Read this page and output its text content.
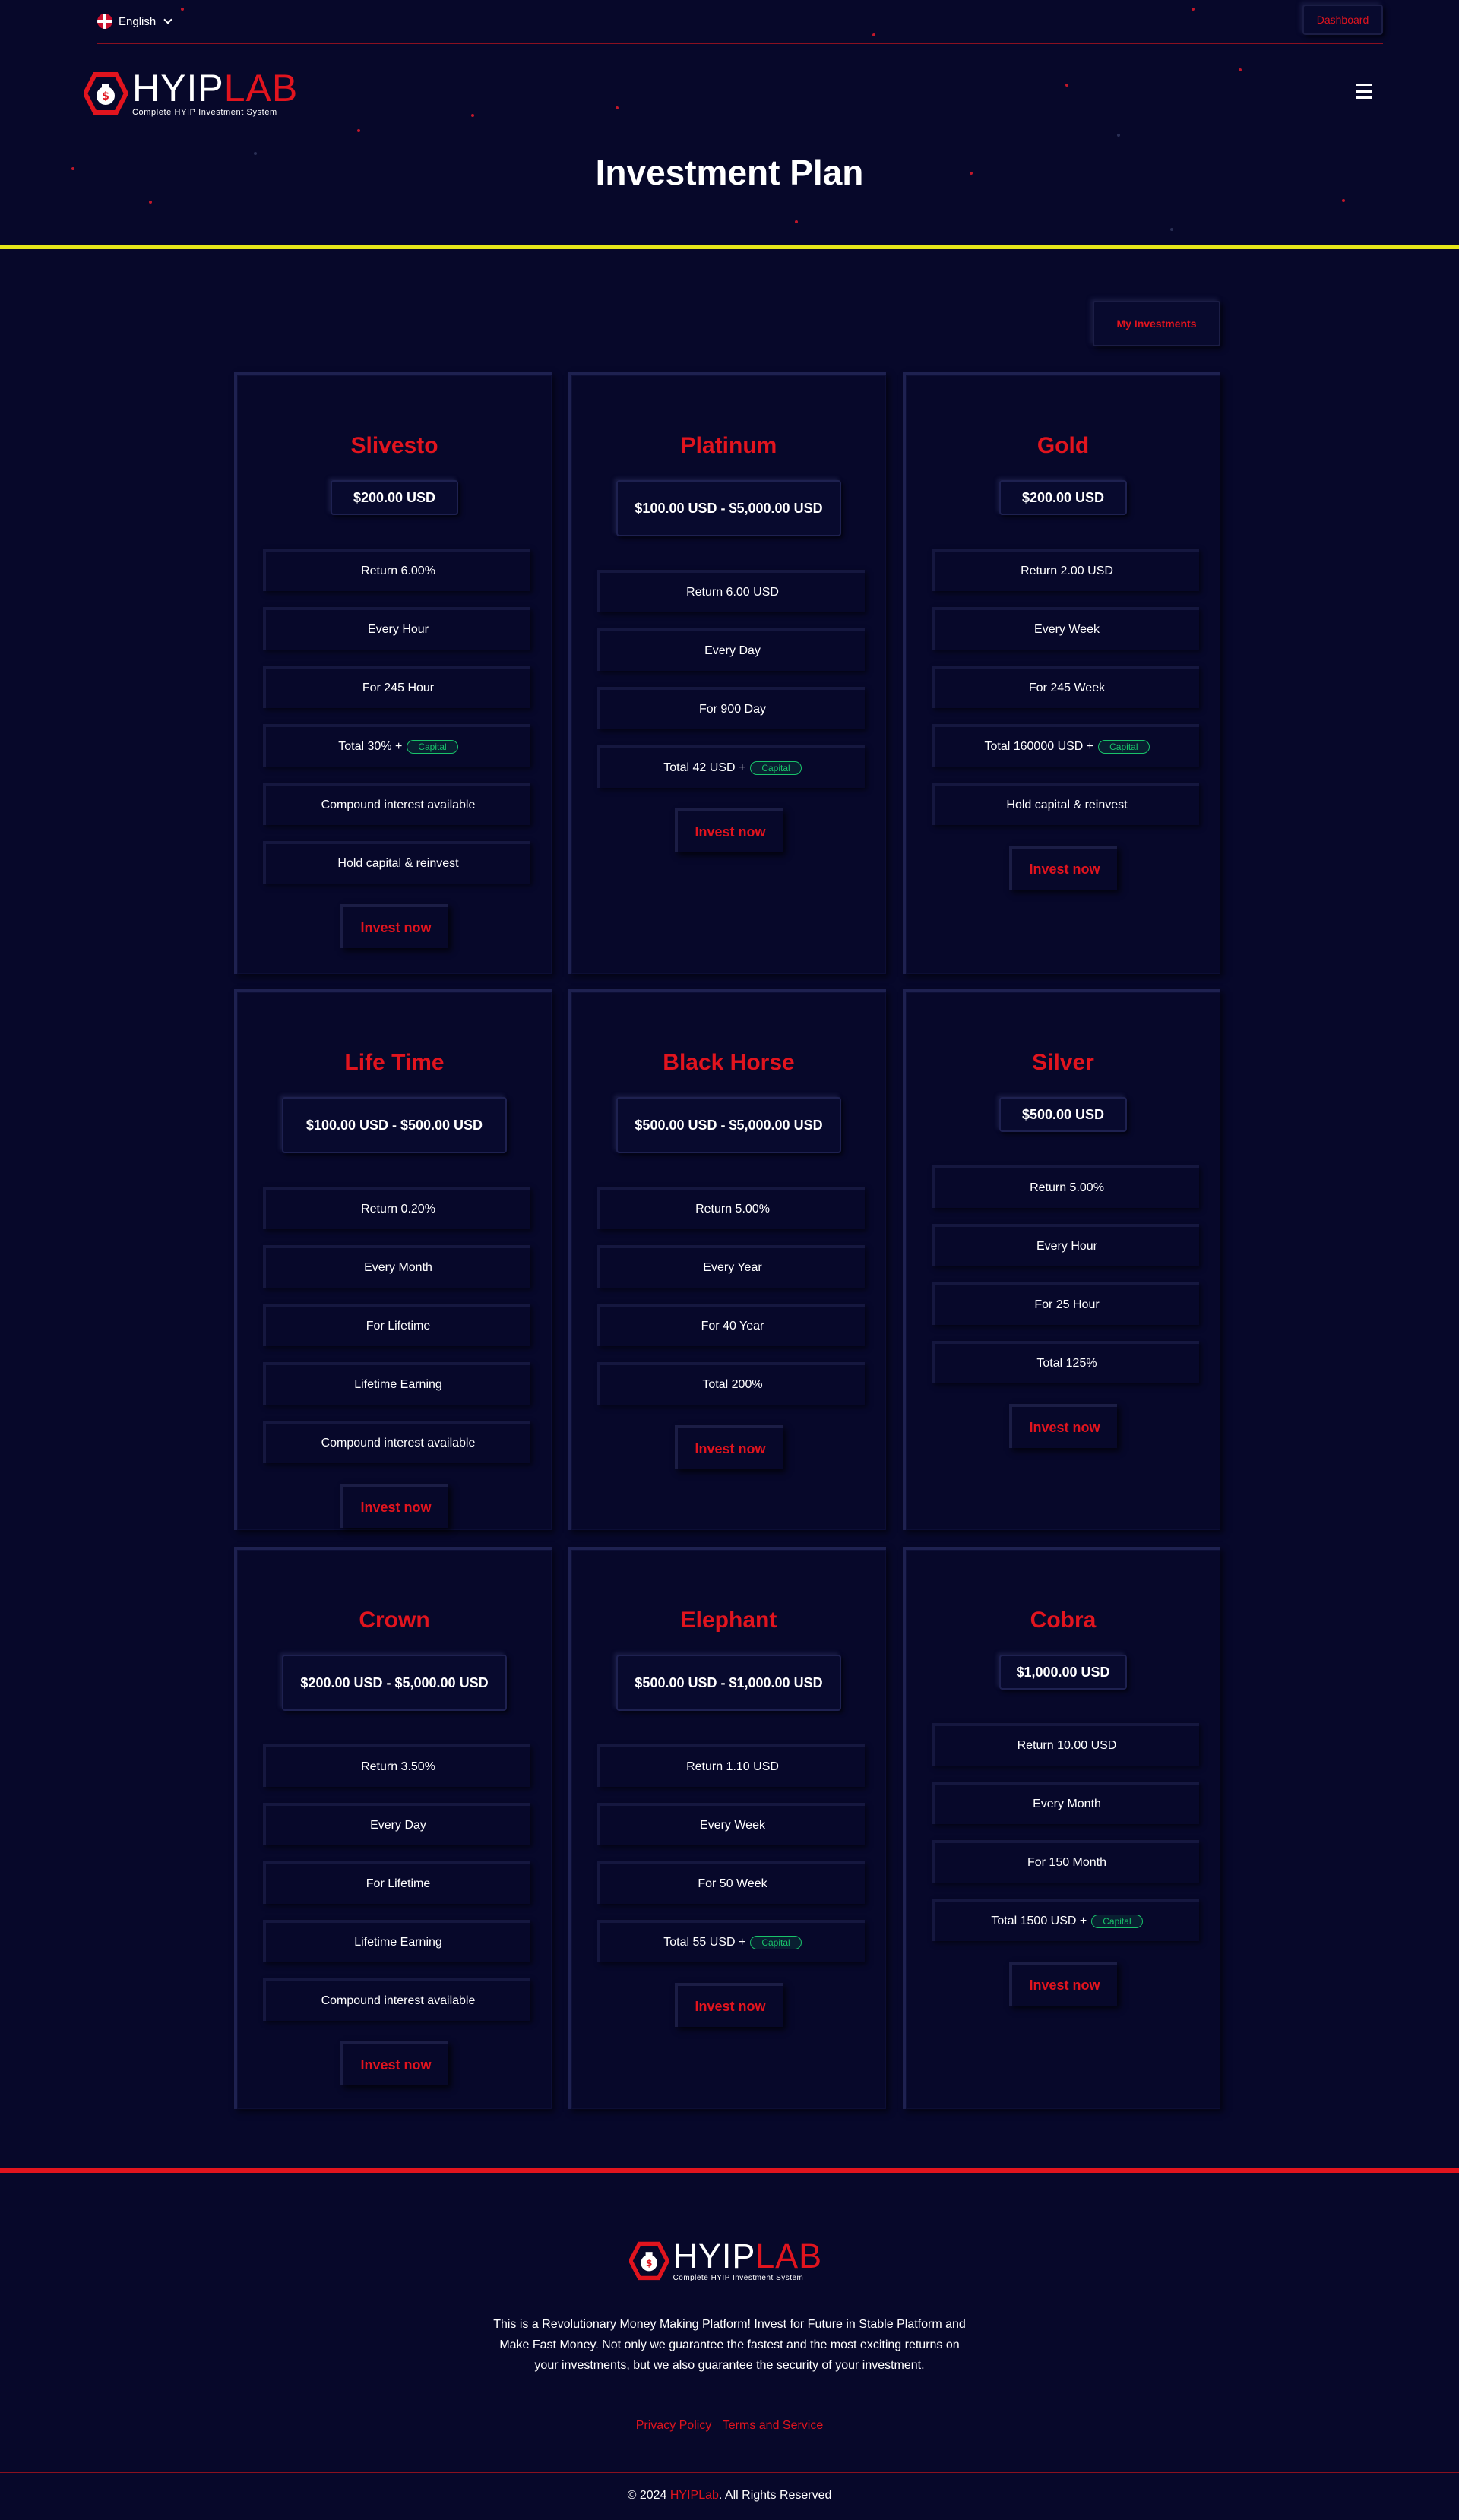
English	Dashboard
$ HYIPLAB
Complete HYIP Investment System
Investment Plan
My Investments
Slivesto
$200.00 USD
Return 6.00%
Every Hour
For 245 Hour
Total 30% +	Capital
Compound interest available
Hold capital & reinvest
Invest now
Platinum
$100.00 USD - $5,000.00 USD
Return 6.00 USD
Every Day
For 900 Day
Total 42 USD +	Capital
Invest now
Gold
$200.00 USD
Return 2.00 USD
Every Week
For 245 Week
Total 160000 USD +	Capital
Hold capital & reinvest
Invest now
Life Time
$100.00 USD - $500.00 USD
Return 0.20%
Every Month
For Lifetime
Lifetime Earning
Compound interest available
Invest now
Black Horse
$500.00 USD - $5,000.00 USD
Return 5.00%
Every Year
For 40 Year
Total 200%
Invest now
Silver
$500.00 USD
Return 5.00%
Every Hour
For 25 Hour
Total 125%
Invest now
Crown
$200.00 USD - $5,000.00 USD
Return 3.50%
Every Day
For Lifetime
Lifetime Earning
Compound interest available
Invest now
Elephant
$500.00 USD - $1,000.00 USD
Return 1.10 USD
Every Week
For 50 Week
Total 55 USD +	Capital
Invest now
Cobra
$1,000.00 USD
Return 10.00 USD
Every Month
For 150 Month
Total 1500 USD +	Capital
Invest now
$ HYIPLAB
Complete HYIP Investment System
This is a Revolutionary Money Making Platform! Invest for Future in Stable Platform and Make Fast Money. Not only we guarantee the fastest and the most exciting returns on your investments, but we also guarantee the security of your investment.
Privacy Policy Terms and Service
© 2024 HYIPLab. All Rights Reserved
